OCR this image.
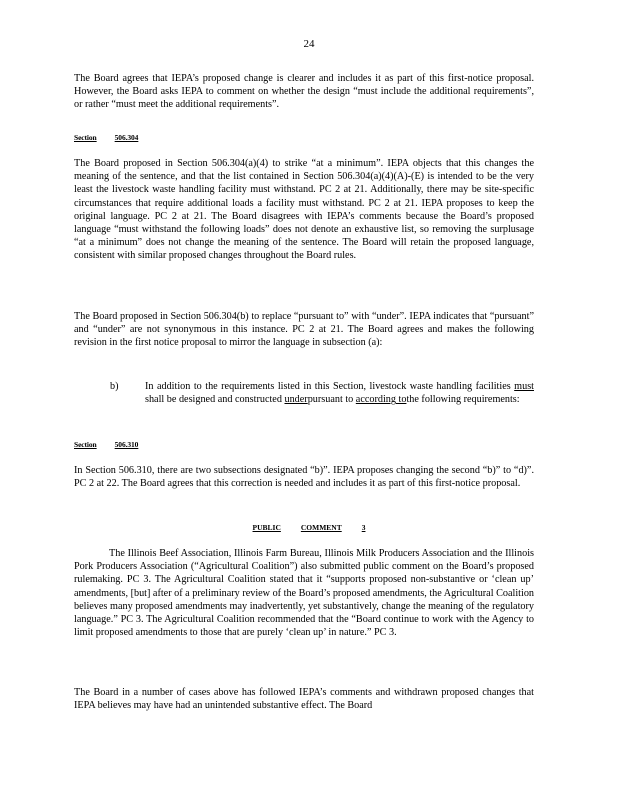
24
The Board agrees that IEPA’s proposed change is clearer and includes it as part of this first-notice proposal. However, the Board asks IEPA to comment on whether the design “must include the additional requirements”, or rather “must meet the additional requirements”.
Section 506.304
The Board proposed in Section 506.304(a)(4) to strike “at a minimum”. IEPA objects that this changes the meaning of the sentence, and that the list contained in Section 506.304(a)(4)(A)-(E) is intended to be the very least the livestock waste handling facility must withstand. PC 2 at 21. Additionally, there may be site-specific circumstances that require additional loads a facility must withstand. PC 2 at 21. IEPA proposes to keep the original language. PC 2 at 21. The Board disagrees with IEPA’s comments because the Board’s proposed language “must withstand the following loads” does not denote an exhaustive list, so removing the surplusage “at a minimum” does not change the meaning of the sentence. The Board will retain the proposed language, consistent with similar proposed changes throughout the Board rules.
The Board proposed in Section 506.304(b) to replace “pursuant to” with “under”. IEPA indicates that “pursuant” and “under” are not synonymous in this instance. PC 2 at 21. The Board agrees and makes the following revision in the first notice proposal to mirror the language in subsection (a):
b)	In addition to the requirements listed in this Section, livestock waste handling facilities must shall be designed and constructed underpursuant to according tothe following requirements:
Section 506.310
In Section 506.310, there are two subsections designated “b)”. IEPA proposes changing the second “b)” to “d)”. PC 2 at 22. The Board agrees that this correction is needed and includes it as part of this first-notice proposal.
PUBLIC	COMMENT	3
The Illinois Beef Association, Illinois Farm Bureau, Illinois Milk Producers Association and the Illinois Pork Producers Association (“Agricultural Coalition”) also submitted public comment on the Board’s proposed rulemaking. PC 3. The Agricultural Coalition stated that it “supports proposed non-substantive or ‘clean up’ amendments, [but] after of a preliminary review of the Board’s proposed amendments, the Agricultural Coalition believes many proposed amendments may inadvertently, yet substantively, change the meaning of the regulatory language.” PC 3. The Agricultural Coalition recommended that the “Board continue to work with the Agency to limit proposed amendments to those that are purely ‘clean up’ in nature.” PC 3.
The Board in a number of cases above has followed IEPA’s comments and withdrawn proposed changes that IEPA believes may have had an unintended substantive effect. The Board
